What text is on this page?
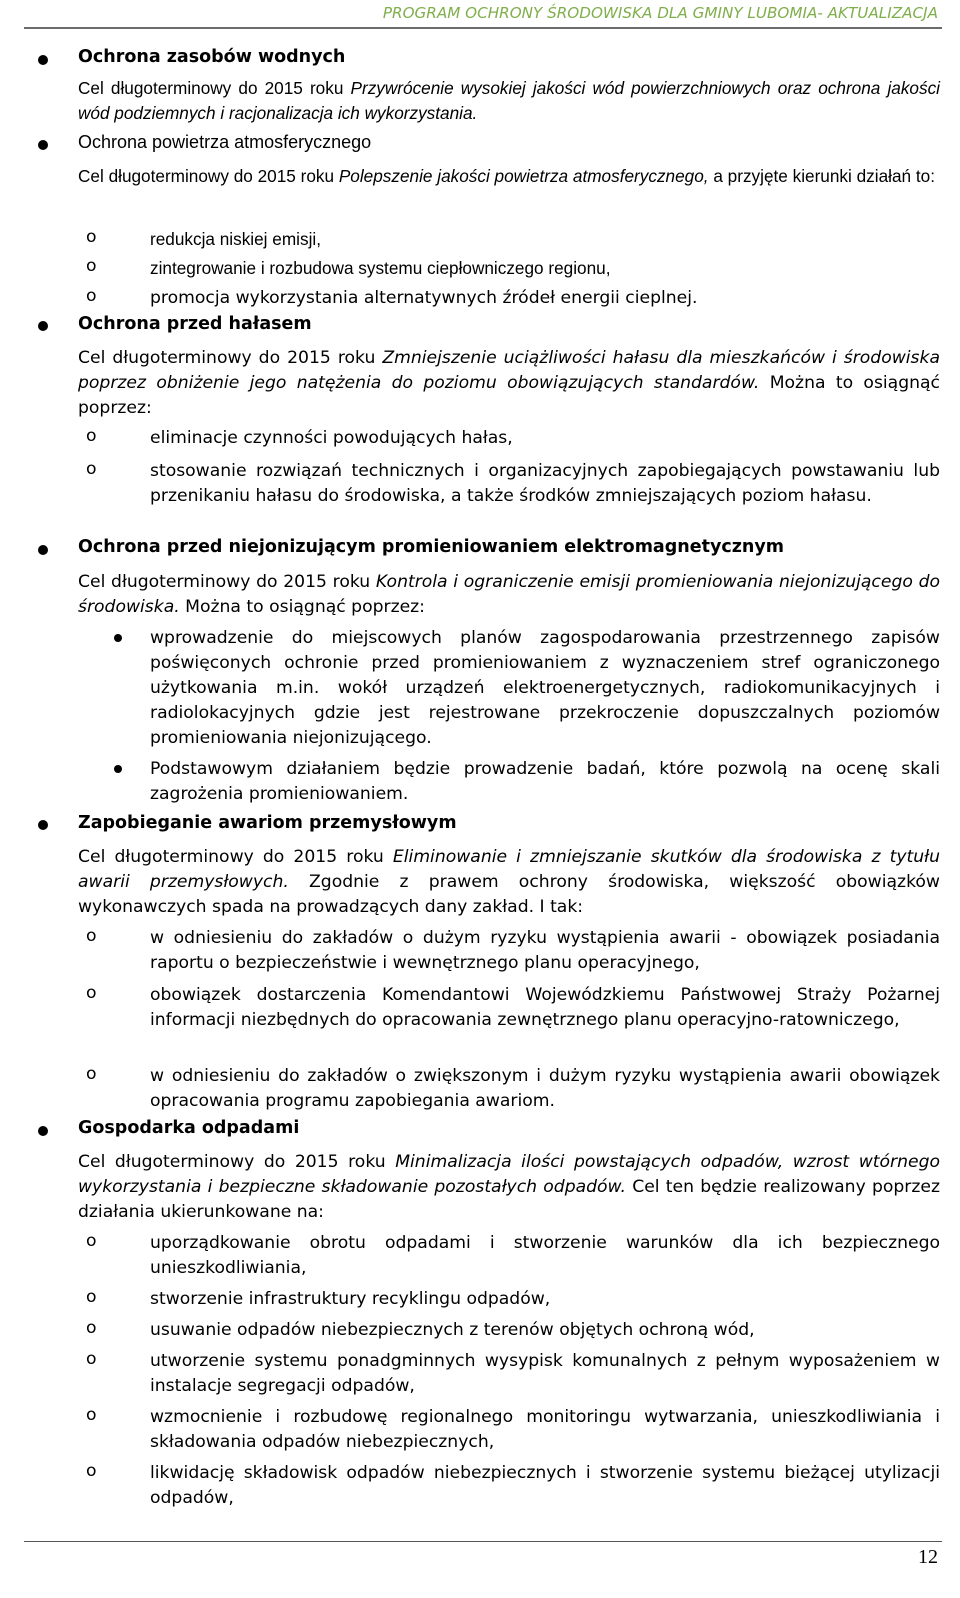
PROGRAM OCHRONY ŚRODOWISKA DLA GMINY LUBOMIA- AKTUALIZACJA
Ochrona zasobów wodnych
Cel długoterminowy do 2015 roku Przywrócenie wysokiej jakości wód powierzchniowych oraz ochrona jakości wód podziemnych i racjonalizacja ich wykorzystania.
Ochrona powietrza atmosferycznego
Cel długoterminowy do 2015 roku Polepszenie jakości powietrza atmosferycznego, a przyjęte kierunki działań to:
o	redukcja niskiej emisji,
o	zintegrowanie i rozbudowa systemu ciepłowniczego regionu,
o	promocja wykorzystania alternatywnych źródeł energii cieplnej.
Ochrona przed hałasem
Cel długoterminowy do 2015 roku Zmniejszenie uciążliwości hałasu dla mieszkańców i środowiska poprzez obniżenie jego natężenia do poziomu obowiązujących standardów. Można to osiągnąć poprzez:
o	eliminacje czynności powodujących hałas,
o	stosowanie rozwiązań technicznych i organizacyjnych zapobiegających powstawaniu lub przenikaniu hałasu do środowiska, a także środków zmniejszających poziom hałasu.
Ochrona przed niejonizującym promieniowaniem elektromagnetycznym
Cel długoterminowy do 2015 roku Kontrola i ograniczenie emisji promieniowania niejonizującego do środowiska. Można to osiągnąć poprzez:
wprowadzenie do miejscowych planów zagospodarowania przestrzennego zapisów poświęconych ochronie przed promieniowaniem z wyznaczeniem stref ograniczonego użytkowania m.in. wokół urządzeń elektroenergetycznych, radiokomunikacyjnych i radiolokacyjnych gdzie jest rejestrowane przekroczenie dopuszczalnych poziomów promieniowania niejonizującego.
Podstawowym działaniem będzie prowadzenie badań, które pozwolą na ocenę skali zagrożenia promieniowaniem.
Zapobieganie awariom przemysłowym
Cel długoterminowy do 2015 roku Eliminowanie i zmniejszanie skutków dla środowiska z tytułu awarii przemysłowych. Zgodnie z prawem ochrony środowiska, większość obowiązków wykonawczych spada na prowadzących dany zakład. I tak:
o	w odniesieniu do zakładów o dużym ryzyku wystąpienia awarii - obowiązek posiadania raportu o bezpieczeństwie i wewnętrznego planu operacyjnego,
o	obowiązek dostarczenia Komendantowi Wojewódzkiemu Państwowej Straży Pożarnej informacji niezbędnych do opracowania zewnętrznego planu operacyjno-ratowniczego,
o	w odniesieniu do zakładów o zwiększonym i dużym ryzyku wystąpienia awarii obowiązek opracowania programu zapobiegania awariom.
Gospodarka odpadami
Cel długoterminowy do 2015 roku Minimalizacja ilości powstających odpadów, wzrost wtórnego wykorzystania i bezpieczne składowanie pozostałych odpadów. Cel ten będzie realizowany poprzez działania ukierunkowane na:
o	uporządkowanie obrotu odpadami i stworzenie warunków dla ich bezpiecznego unieszkodliwiania,
o	stworzenie infrastruktury recyklingu odpadów,
o	usuwanie odpadów niebezpiecznych z terenów objętych ochroną wód,
o	utworzenie systemu ponadgminnych wysypisk komunalnych z pełnym wyposażeniem w instalacje segregacji odpadów,
o	wzmocnienie i rozbudowę regionalnego monitoringu wytwarzania, unieszkodliwiania i składowania odpadów niebezpiecznych,
o	likwidację składowisk odpadów niebezpiecznych i stworzenie systemu bieżącej utylizacji odpadów,
12
